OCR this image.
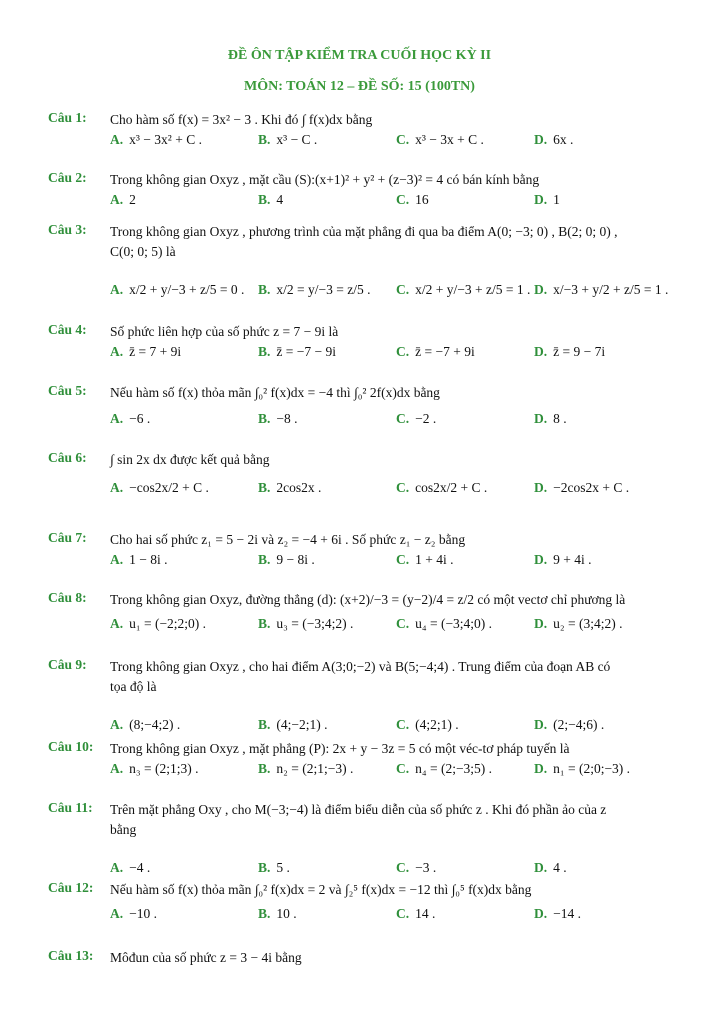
ĐỀ ÔN TẬP KIỂM TRA CUỐI HỌC KỲ II
MÔN: TOÁN 12 – ĐỀ SỐ: 15 (100TN)
Câu 1:	Cho hàm số f(x) = 3x² − 3 . Khi đó ∫ f(x)dx bằng
A. x³ − 3x² + C .	B. x³ − C .	C. x³ − 3x + C .	D. 6x .
Câu 2:	Trong không gian Oxyz , mặt cầu (S):(x+1)² + y² + (z−3)² = 4 có bán kính bằng
A. 2	B. 4	C. 16	D. 1
Câu 3:	Trong không gian Oxyz , phương trình của mặt phẳng đi qua ba điểm A(0; −3; 0) , B(2; 0; 0) ,
C(0; 0; 5) là
A. x/2 + y/−3 + z/5 = 0 . B. x/2 = y/−3 = z/5 . C. x/2 + y/−3 + z/5 = 1 . D. x/−3 + y/2 + z/5 = 1 .
Câu 4:	Số phức liên hợp của số phức z = 7 − 9i là
A. z̄ = 7 + 9i	B. z̄ = −7 − 9i	C. z̄ = −7 + 9i	D. z̄ = 9 − 7i
Câu 5:	Nếu hàm số f(x) thỏa mãn ∫₀² f(x)dx = −4 thì ∫₀² 2f(x)dx bằng
A. −6 .	B. −8 .	C. −2 .	D. 8 .
Câu 6:	∫ sin 2x dx được kết quả bằng
A. −cos2x/2 + C .	B. 2cos2x .	C. cos2x/2 + C .	D. −2cos2x + C .
Câu 7:	Cho hai số phức z₁ = 5 − 2i và z₂ = −4 + 6i . Số phức z₁ − z₂ bằng
A. 1 − 8i .	B. 9 − 8i .	C. 1 + 4i .	D. 9 + 4i .
Câu 8:	Trong không gian Oxyz, đường thẳng (d): (x+2)/−3 = (y−2)/4 = z/2 có một vectơ chỉ phương là
A. u₁ = (−2;2;0) .	B. u₃ = (−3;4;2) .	C. u₄ = (−3;4;0) .	D. u₂ = (3;4;2) .
Câu 9:	Trong không gian Oxyz , cho hai điểm A(3;0;−2) và B(5;−4;4) . Trung điểm của đoạn AB có
tọa độ là
A. (8;−4;2) .	B. (4;−2;1) .	C. (4;2;1) .	D. (2;−4;6) .
Câu 10:	Trong không gian Oxyz , mặt phẳng (P): 2x + y − 3z = 5 có một véc-tơ pháp tuyến là
A. n₃ = (2;1;3) .	B. n₂ = (2;1;−3) .	C. n₄ = (2;−3;5) .	D. n₁ = (2;0;−3) .
Câu 11:	Trên mặt phẳng Oxy , cho M(−3;−4) là điểm biểu diễn của số phức z . Khi đó phần ảo của z
bằng
A. −4 .	B. 5 .	C. −3 .	D. 4 .
Câu 12:	Nếu hàm số f(x) thỏa mãn ∫₀² f(x)dx = 2 và ∫₂⁵ f(x)dx = −12 thì ∫₀⁵ f(x)dx bằng
A. −10 .	B. 10 .	C. 14 .	D. −14 .
Câu 13:	Môđun của số phức z = 3 − 4i bằng
